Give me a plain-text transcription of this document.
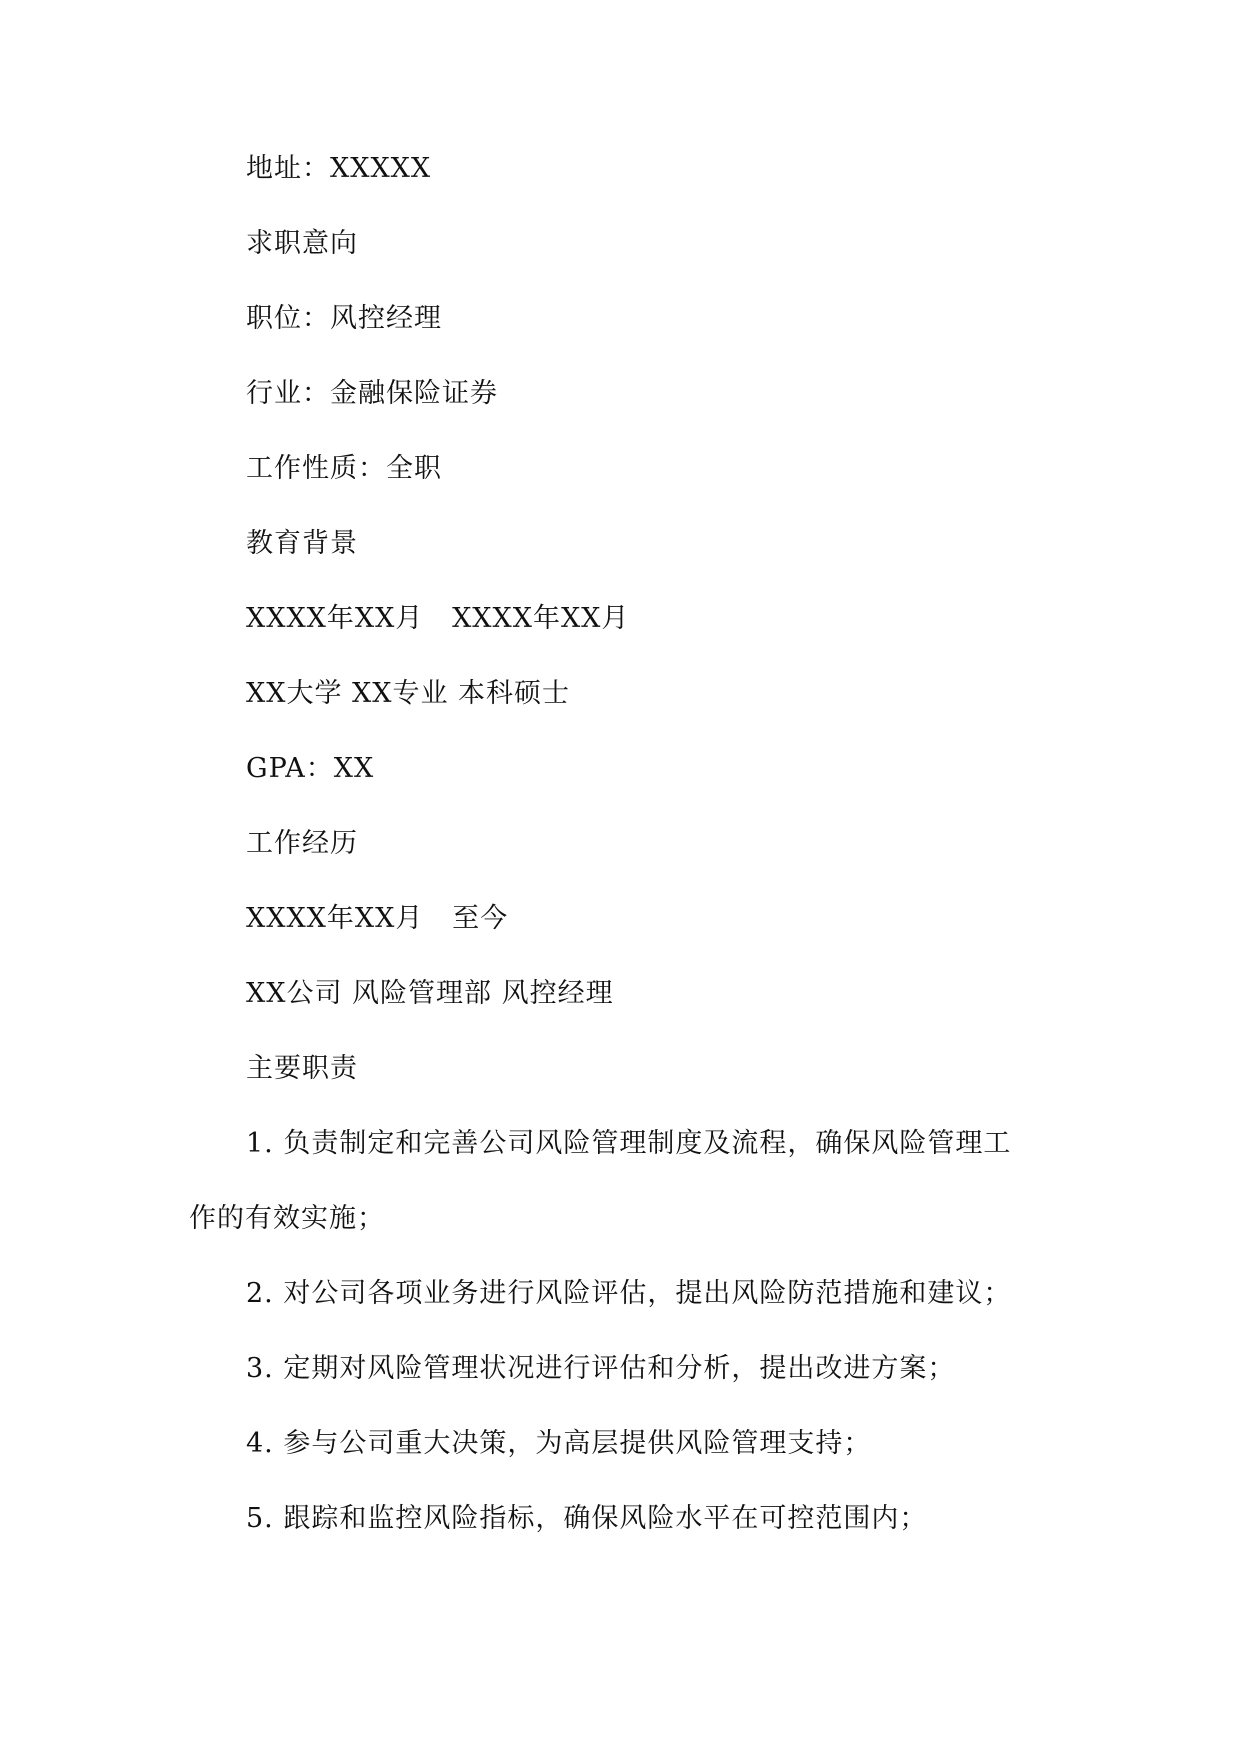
地址：XXXXX
求职意向
职位：风控经理
行业：金融保险证券
工作性质：全职
教育背景
XXXX年XX月   XXXX年XX月
XX大学 XX专业 本科硕士
GPA：XX
工作经历
XXXX年XX月   至今
XX公司 风险管理部 风控经理
主要职责
1. 负责制定和完善公司风险管理制度及流程，确保风险管理工
作的有效实施；
2. 对公司各项业务进行风险评估，提出风险防范措施和建议；
3. 定期对风险管理状况进行评估和分析，提出改进方案；
4. 参与公司重大决策，为高层提供风险管理支持；
5. 跟踪和监控风险指标，确保风险水平在可控范围内；
